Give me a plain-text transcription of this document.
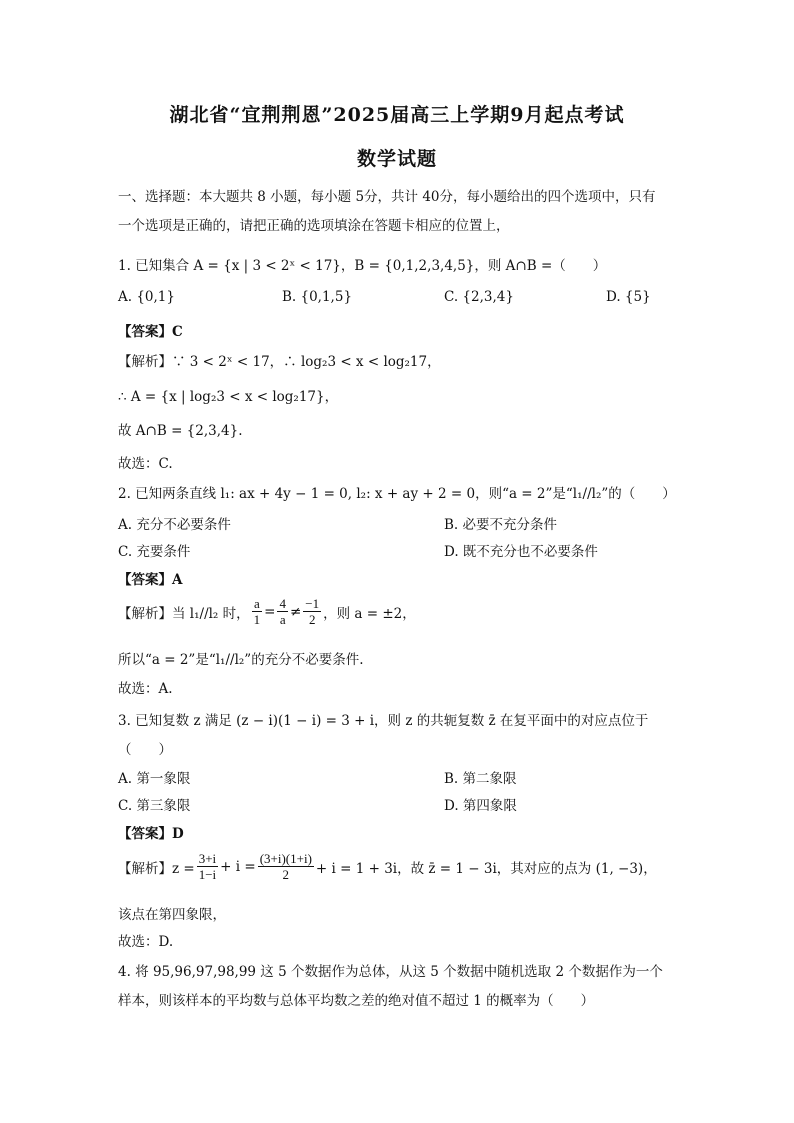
湖北省“宜荆荆恩”2025届高三上学期9月起点考试
数学试题
一、选择题：本大题共 8 小题，每小题 5分，共计 40分，每小题给出的四个选项中，只有
一个选项是正确的，请把正确的选项填涂在答题卡相应的位置上，
1. 已知集合 A = {x | 3 < 2ˣ < 17}，B = {0,1,2,3,4,5}，则 A∩B =（　　）
A. {0,1}	B. {0,1,5}	C. {2,3,4}	D. {5}
【答案】C
【解析】∵ 3 < 2ˣ < 17，∴ log₂3 < x < log₂17，
∴ A = {x | log₂3 < x < log₂17}，
故 A∩B = {2,3,4}.
故选：C.
2. 已知两条直线 l₁: ax + 4y − 1 = 0, l₂: x + ay + 2 = 0，则“a = 2”是“l₁//l₂”的（　　）
A. 充分不必要条件	B. 必要不充分条件
C. 充要条件	D. 既不充分也不必要条件
【答案】A
【解析】当 l₁//l₂ 时， $\frac{a}{1} = \frac{4}{a} \ne \frac{-1}{2}$ ，则 a = ±2，
所以“a = 2”是“l₁//l₂”的充分不必要条件.
故选：A.
3. 已知复数 z 满足 (z − i)(1 − i) = 3 + i，则 z 的共轭复数 z̄ 在复平面中的对应点位于
（　　）
A. 第一象限	B. 第二象限
C. 第三象限	D. 第四象限
【答案】D
【解析】$z = \frac{3+i}{1-i} + i = \frac{(3+i)(1+i)}{2} + i = 1 + 3i$，故 z̄ = 1 − 3i，其对应的点为 (1, −3)，
该点在第四象限，
故选：D.
4. 将 95,96,97,98,99 这 5 个数据作为总体，从这 5 个数据中随机选取 2 个数据作为一个
样本，则该样本的平均数与总体平均数之差的绝对值不超过 1 的概率为（　　）
